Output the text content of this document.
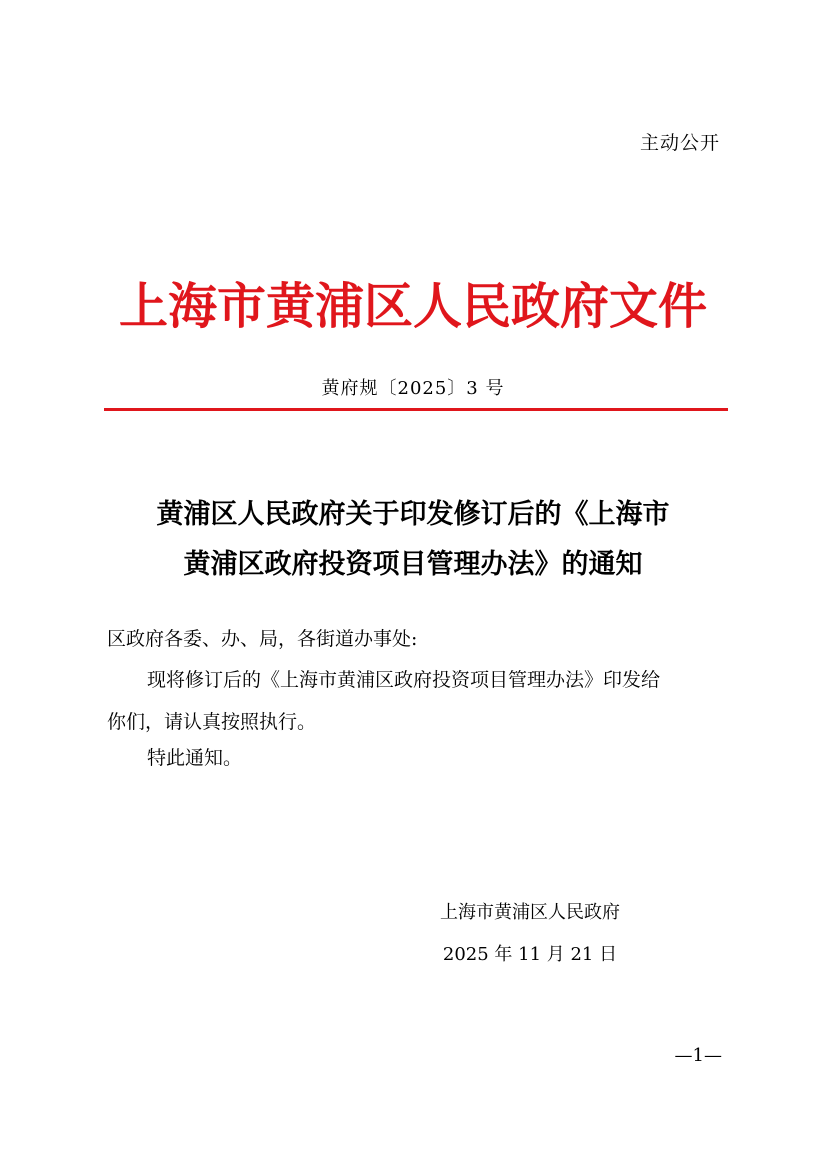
主动公开
上海市黄浦区人民政府文件
黄府规〔2025〕3 号
黄浦区人民政府关于印发修订后的《上海市
黄浦区政府投资项目管理办法》的通知
区政府各委、办、局，各街道办事处:
现将修订后的《上海市黄浦区政府投资项目管理办法》印发给
你们，请认真按照执行。
特此通知。
上海市黄浦区人民政府
2025 年 11 月 21 日
—1—
